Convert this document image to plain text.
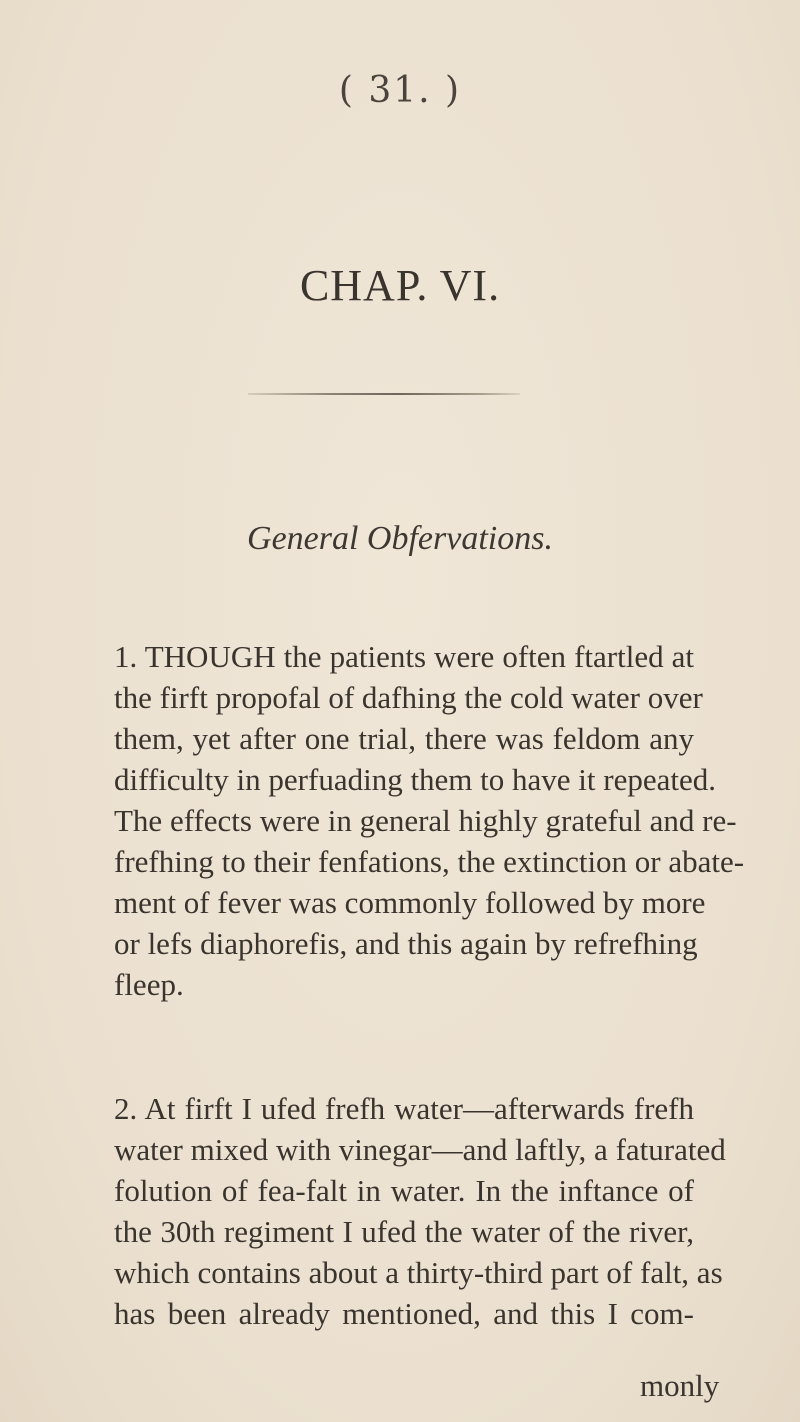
( 31. )
CHAP. VI.
General Obfervations.
1. THOUGH the patients were often ftartled at
the firft propofal of dafhing the cold water over
them, yet after one trial, there was feldom any
difficulty in perfuading them to have it repeated.
The effects were in general highly grateful and re-
frefhing to their fenfations, the extinction or abate-
ment of fever was commonly followed by more
or lefs diaphorefis, and this again by refrefhing
fleep.
2. At firft I ufed frefh water—afterwards frefh
water mixed with vinegar—and laftly, a faturated
folution of fea-falt in water. In the inftance of
the 30th regiment I ufed the water of the river,
which contains about a thirty-third part of falt, as
has been already mentioned, and this I com-
monly
